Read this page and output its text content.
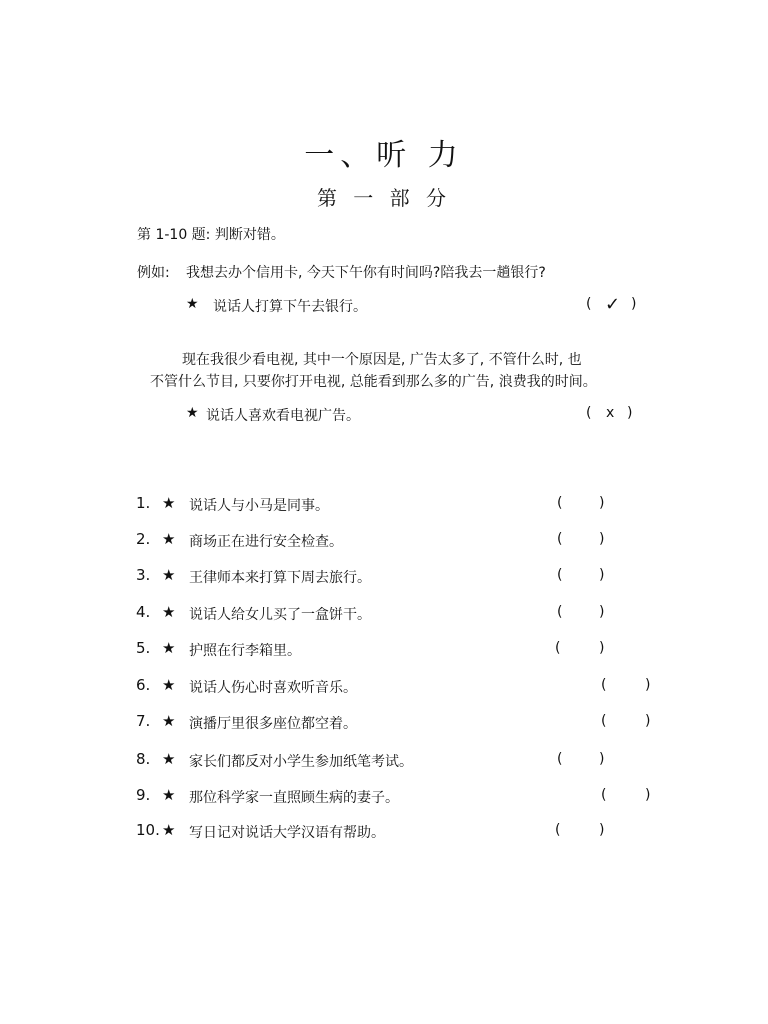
一、听 力
第 一 部 分
第 1-10 题: 判断对错。
例如: 我想去办个信用卡, 今天下午你有时间吗?陪我去一趟银行?
★ 说话人打算下午去银行。	( ✓ )
现在我很少看电视, 其中一个原因是, 广告太多了, 不管什么时, 也
不管什么节目, 只要你打开电视, 总能看到那么多的广告, 浪费我的时间。
★ 说话人喜欢看电视广告。	( x )
1. ★ 说话人与小马是同事。	(	)
2. ★ 商场正在进行安全检查。	(	)
3. ★ 王律师本来打算下周去旅行。	(	)
4. ★ 说话人给女儿买了一盒饼干。	(	)
5. ★ 护照在行李箱里。	(	)
6. ★ 说话人伤心时喜欢听音乐。	(	)
7. ★ 演播厅里很多座位都空着。	(	)
8. ★ 家长们都反对小学生参加纸笔考试。	(	)
9. ★ 那位科学家一直照顾生病的妻子。	(	)
10. ★ 写日记对说话大学汉语有帮助。	(	)
